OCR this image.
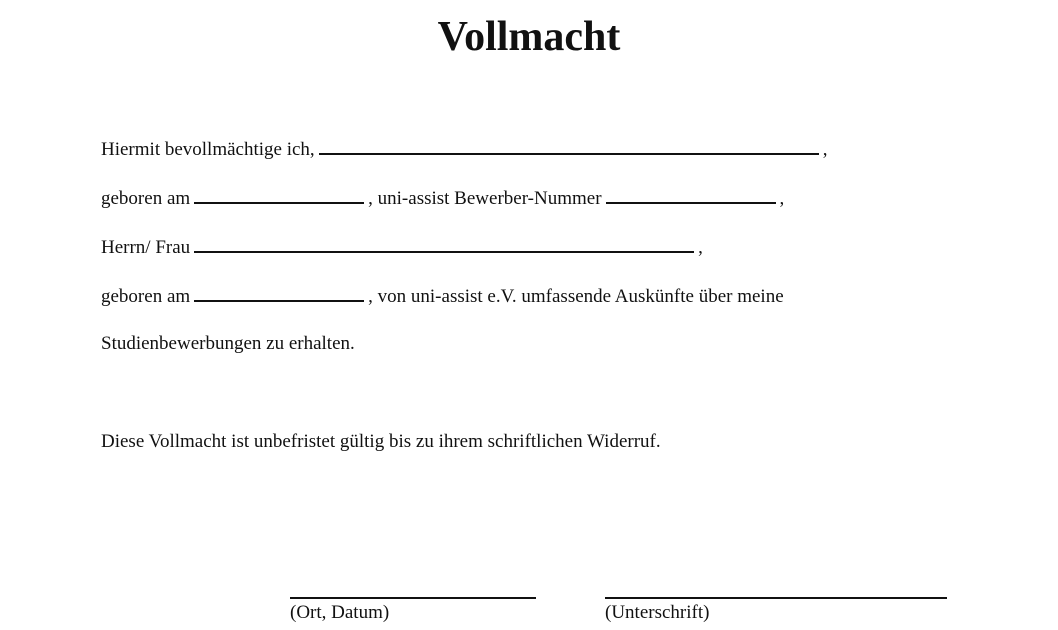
Vollmacht
Hiermit bevollmächtige ich,	,
geboren am	, uni-assist Bewerber-Nummer	,
Herrn/ Frau	,
geboren am	, von uni-assist e.V. umfassende Auskünfte über meine
Studienbewerbungen zu erhalten.
Diese Vollmacht ist unbefristet gültig bis zu ihrem schriftlichen Widerruf.
(Ort, Datum)	(Unterschrift)
